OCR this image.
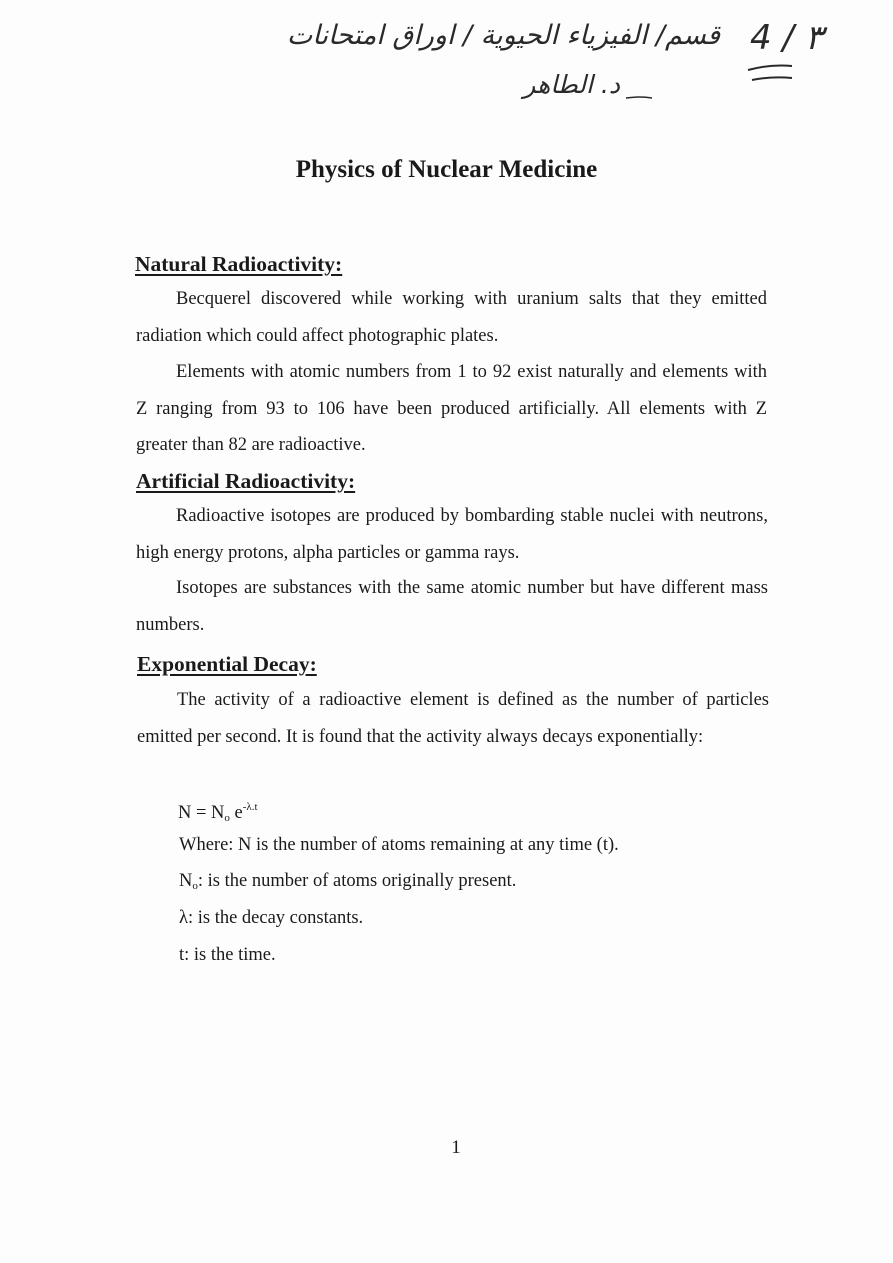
قسم/ الفيزياء الحيوية / اوراق امتحانات
د. الطاهر
4 / ٣
Physics of Nuclear Medicine
Natural Radioactivity:
Becquerel discovered while working with uranium salts that they emitted radiation which could affect photographic plates.
Elements with atomic numbers from 1 to 92 exist naturally and elements with Z ranging from 93 to 106 have been produced artificially. All elements with Z greater than 82 are radioactive.
Artificial Radioactivity:
Radioactive isotopes are produced by bombarding stable nuclei with neutrons, high energy protons, alpha particles or gamma rays.
Isotopes are substances with the same atomic number but have different mass numbers.
Exponential Decay:
The activity of a radioactive element is defined as the number of particles emitted per second. It is found that the activity always decays exponentially:
$N = N_o$ $e^{-\lambda.t}$
Where: N is the number of atoms remaining at any time (t).
$N_o$: is the number of atoms originally present.
λ: is the decay constants.
t: is the time.
1
